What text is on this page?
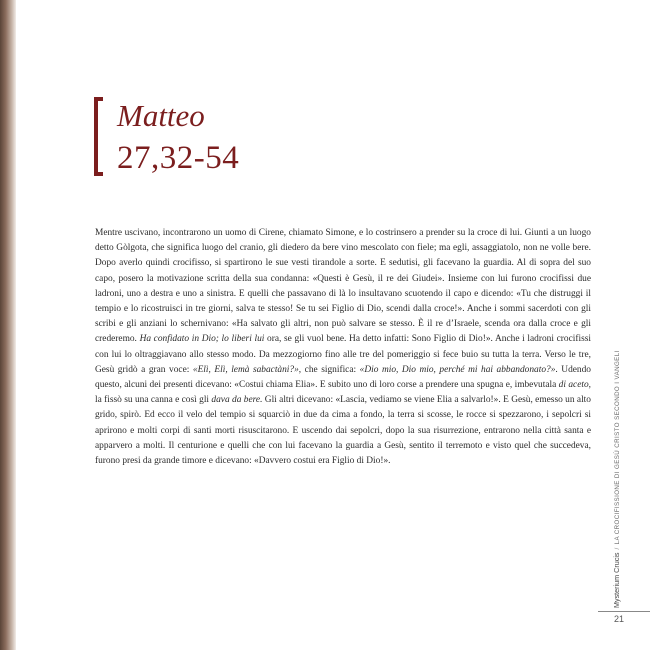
Matteo
27,32-54

Mentre uscivano, incontrarono un uomo di Cirene, chiamato Simone, e lo costrinsero a prender su la croce di lui. Giunti a un luogo detto Gòlgota, che significa luogo del cranio, gli diedero da bere vino mescolato con fiele; ma egli, assaggiatolo, non ne volle bere. Dopo averlo quindi crocifisso, si spartirono le sue vesti tirandole a sorte. E sedutisi, gli facevano la guardia. Al di sopra del suo capo, posero la motivazione scritta della sua condanna: «Questi è Gesù, il re dei Giudei». Insieme con lui furono crocifissi due ladroni, uno a destra e uno a sinistra. E quelli che passavano di là lo insultavano scuotendo il capo e dicendo: «Tu che distruggi il tempio e lo ricostruisci in tre giorni, salva te stesso! Se tu sei Figlio di Dio, scendi dalla croce!». Anche i sommi sacerdoti con gli scribi e gli anziani lo schernivano: «Ha salvato gli altri, non può salvare se stesso. È il re d’Israele, scenda ora dalla croce e gli crederemo. Ha confidato in Dio; lo liberi lui ora, se gli vuol bene. Ha detto infatti: Sono Figlio di Dio!». Anche i ladroni crocifissi con lui lo oltraggiavano allo stesso modo. Da mezzogiorno fino alle tre del pomeriggio si fece buio su tutta la terra. Verso le tre, Gesù gridò a gran voce: «Elì, Elì, lemà sabactàni?», che significa: «Dio mio, Dio mio, perché mi hai abbandonato?». Udendo questo, alcuni dei presenti dicevano: «Costui chiama Elia». E subito uno di loro corse a prendere una spugna e, imbevutala di aceto, la fissò su una canna e così gli dava da bere. Gli altri dicevano: «Lascia, vediamo se viene Elia a salvarlo!». E Gesù, emesso un alto grido, spirò. Ed ecco il velo del tempio si squarciò in due da cima a fondo, la terra si scosse, le rocce si spezzarono, i sepolcri si aprirono e molti corpi di santi morti risuscitarono. E uscendo dai sepolcri, dopo la sua risurrezione, entrarono nella città santa e apparvero a molti. Il centurione e quelli che con lui facevano la guardia a Gesù, sentito il terremoto e visto quel che succedeva, furono presi da grande timore e dicevano: «Davvero costui era Figlio di Dio!».

Mysterium Crucis/LA CROCIFISSIONE DI GESÙ CRISTO SECONDO I VANGELI
21
